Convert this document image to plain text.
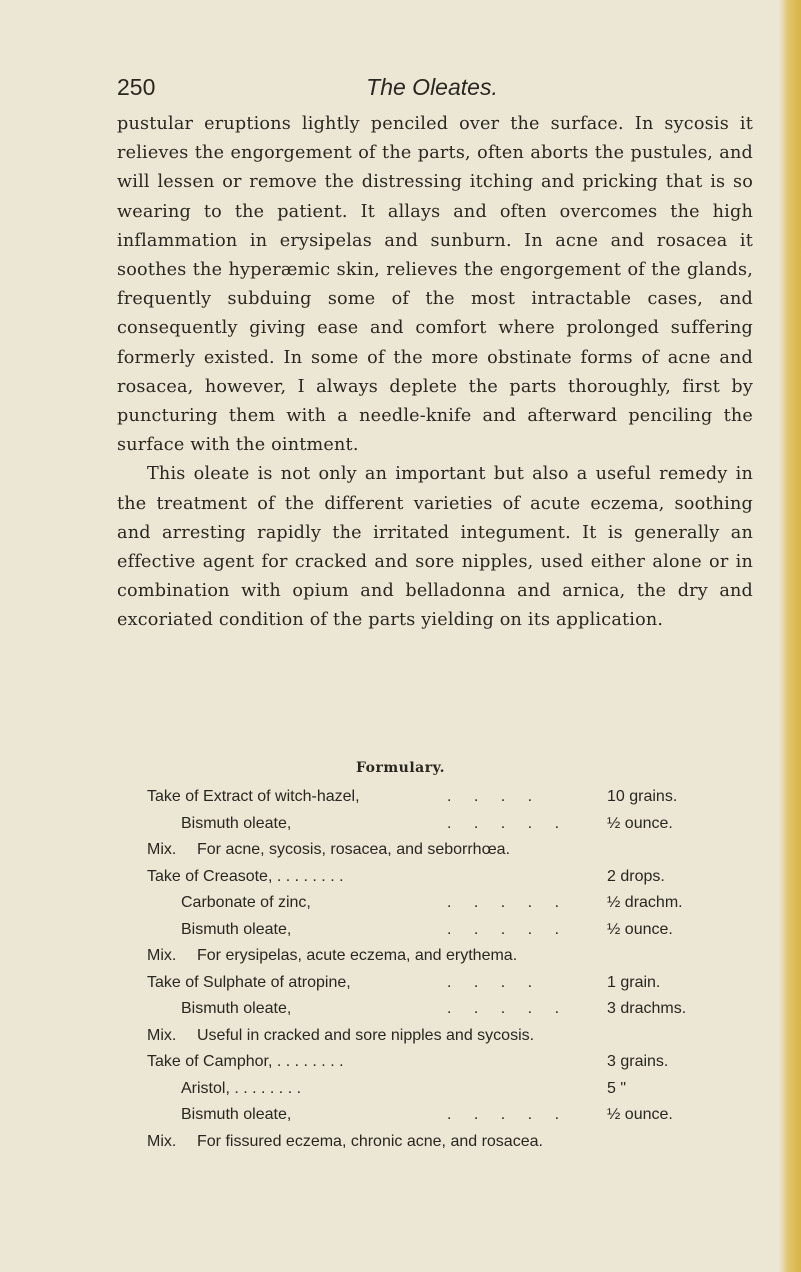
250	The Oleates.

pustular eruptions lightly penciled over the surface. In sycosis it relieves the engorgement of the parts, often aborts the pustules, and will lessen or remove the distressing itching and pricking that is so wearing to the patient. It allays and often overcomes the high inflammation in erysipelas and sunburn. In acne and rosacea it soothes the hyperæmic skin, relieves the engorgement of the glands, frequently subduing some of the most intractable cases, and consequently giving ease and comfort where prolonged suffering formerly existed. In some of the more obstinate forms of acne and rosacea, however, I always deplete the parts thoroughly, first by puncturing them with a needle-knife and afterward penciling the surface with the ointment.

This oleate is not only an important but also a useful remedy in the treatment of the different varieties of acute eczema, soothing and arresting rapidly the irritated integument. It is generally an effective agent for cracked and sore nipples, used either alone or in combination with opium and belladonna and arnica, the dry and excoriated condition of the parts yielding on its application.

Formulary.
Take of Extract of witch-hazel,	. . . .	10 grains.
Bismuth oleate,	. . . . . ½ ounce.
Mix. For acne, sycosis, rosacea, and seborrhœa.
Take of Creasote, . . . . . . . .	2 drops.
Carbonate of zinc,	. . . . . ½ drachm.
Bismuth oleate,	. . . . . ½ ounce.
Mix. For erysipelas, acute eczema, and erythema.
Take of Sulphate of atropine,	. . . .	1 grain.
Bismuth oleate,	. . . . . 3 drachms.
Mix. Useful in cracked and sore nipples and sycosis.
Take of Camphor, . . . . . . . .	3 grains.
Aristol, . . . . . . . .	5 "
Bismuth oleate,	. . . . . ½ ounce.
Mix. For fissured eczema, chronic acne, and rosacea.
